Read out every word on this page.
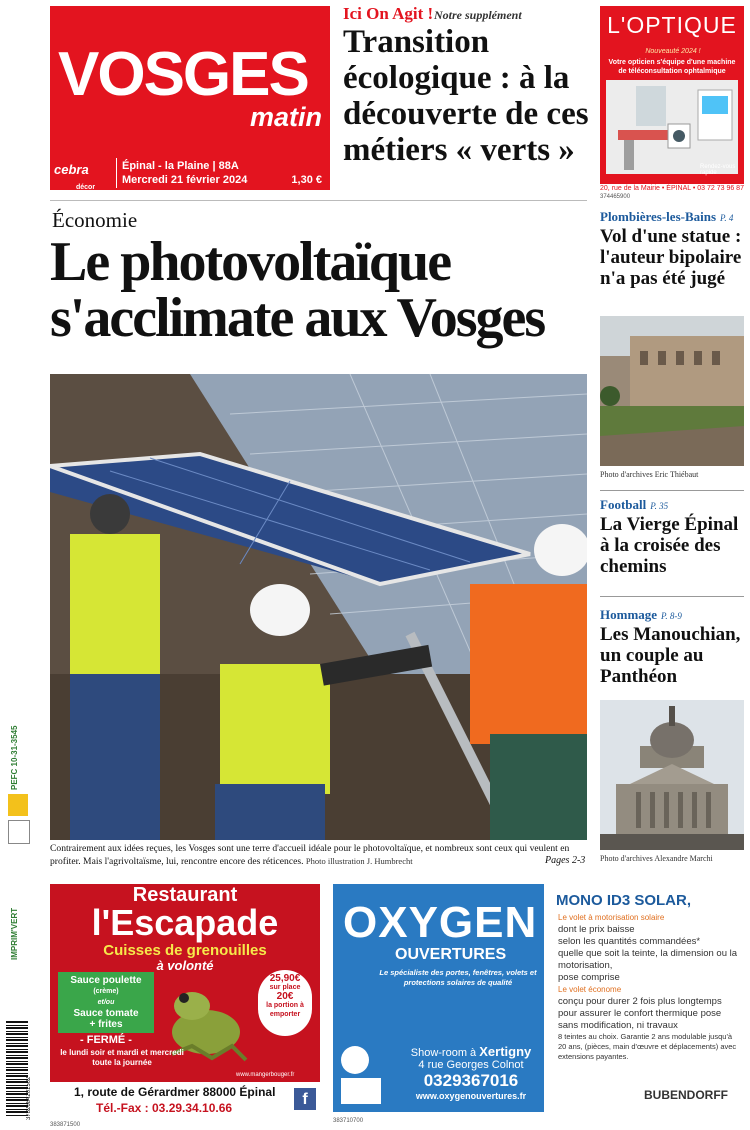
VOSGES
matin
cebra
décor
Épinal - la Plaine | 88A
Mercredi 21 février 2024	1,30 €
Ici On Agit ! Notre supplément
Transition écologique : à la découverte de ces métiers « verts »
L'OPTIQUE
Nouveauté 2024 !
Votre opticien s'équipe d'une machine de téléconsultation ophtalmique
Rendez-vous rapide
20, rue de la Mairie • ÉPINAL • 03 72 73 96 87
374465900
Économie
Le photovoltaïque s'acclimate aux Vosges
Contrairement aux idées reçues, les Vosges sont une terre d'accueil idéale pour le photovoltaïque, et nombreux sont ceux qui veulent en profiter. Mais l'agrivoltaïsme, lui, rencontre encore des réticences. Photo illustration J. Humbrecht	Pages 2-3
Plombières-les-Bains P. 4
Vol d'une statue : l'auteur bipolaire n'a pas été jugé
Photo d'archives Eric Thiébaut
Football P. 35
La Vierge Épinal à la croisée des chemins
Hommage P. 8-9
Les Manouchian, un couple au Panthéon
Photo d'archives Alexandre Marchi
PEFC 10-31-3545
IMPRIM'VERT
3782684201502
Restaurant
l'Escapade
Cuisses de grenouilles
à volonté
Sauce poulette
(crème)
et/ou
Sauce tomate
+ frites
25,90€
sur place
20€
la portion à emporter
- FERMÉ -
le lundi soir et mardi et mercredi toute la journée
www.mangerbouger.fr
1, route de Gérardmer 88000 Épinal
Tél.-Fax : 03.29.34.10.66	f
383871500
OXYGEN
OUVERTURES
Le spécialiste des portes, fenêtres, volets et protections solaires de qualité
Show-room à Xertigny
4 rue Georges Colnot
0329367016
www.oxygenouvertures.fr
MONO ID3 SOLAR,
Le volet à motorisation solaire
dont le prix baisse
selon les quantités commandées*
quelle que soit la teinte, la dimension ou la motorisation,
pose comprise
Le volet économe
conçu pour durer 2 fois plus longtemps pour assurer le confort thermique pose sans modification, ni travaux
8 teintes au choix. Garantie 2 ans modulable jusqu'à 20 ans, (pièces, main d'œuvre et déplacements) avec extensions payantes.
BUBENDORFF
383710700
